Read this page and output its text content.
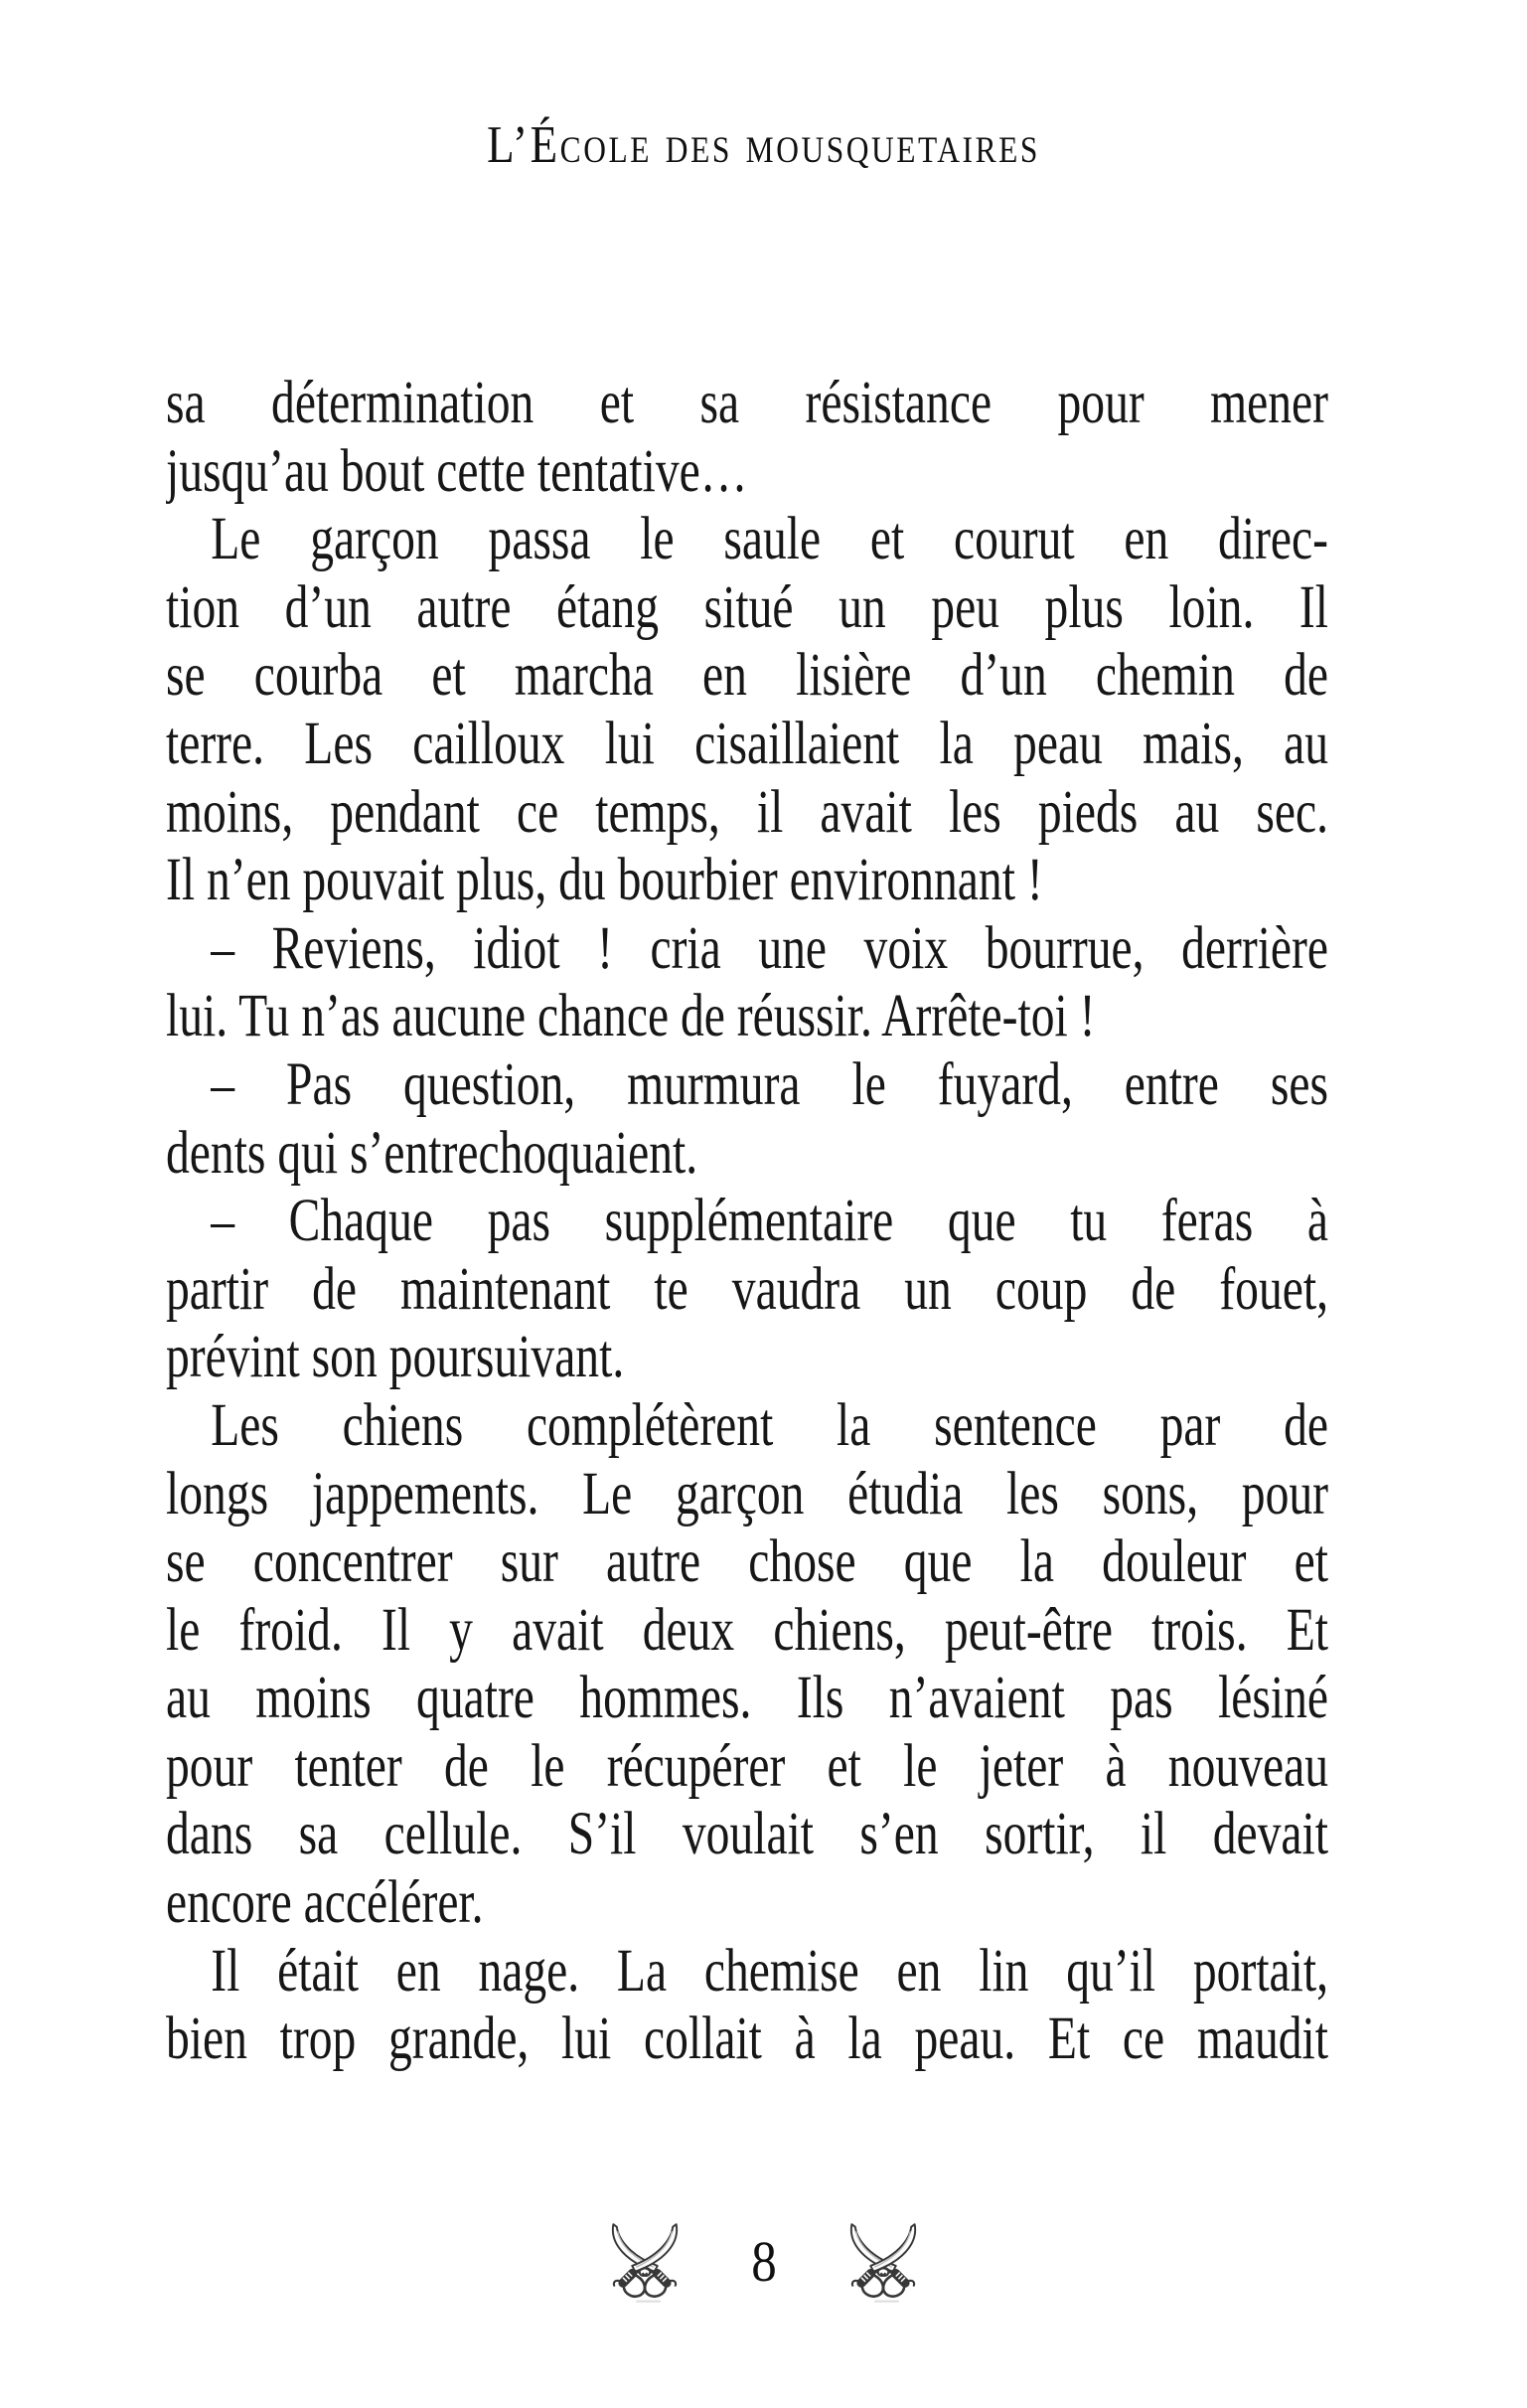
L’École des mousquetaires
sa détermination et sa résistance pour mener
jusqu’au bout cette tentative…
Le garçon passa le saule et courut en direc-
tion d’un autre étang situé un peu plus loin. Il
se courba et marcha en lisière d’un chemin de
terre. Les cailloux lui cisaillaient la peau mais, au
moins, pendant ce temps, il avait les pieds au sec.
Il n’en pouvait plus, du bourbier environnant !
– Reviens, idiot ! cria une voix bourrue, derrière
lui. Tu n’as aucune chance de réussir. Arrête-toi !
– Pas question, murmura le fuyard, entre ses
dents qui s’entrechoquaient.
– Chaque pas supplémentaire que tu feras à
partir de maintenant te vaudra un coup de fouet,
prévint son poursuivant.
Les chiens complétèrent la sentence par de
longs jappements. Le garçon étudia les sons, pour
se concentrer sur autre chose que la douleur et
le froid. Il y avait deux chiens, peut-être trois. Et
au moins quatre hommes. Ils n’avaient pas lésiné
pour tenter de le récupérer et le jeter à nouveau
dans sa cellule. S’il voulait s’en sortir, il devait
encore accélérer.
Il était en nage. La chemise en lin qu’il portait,
bien trop grande, lui collait à la peau. Et ce maudit
8
